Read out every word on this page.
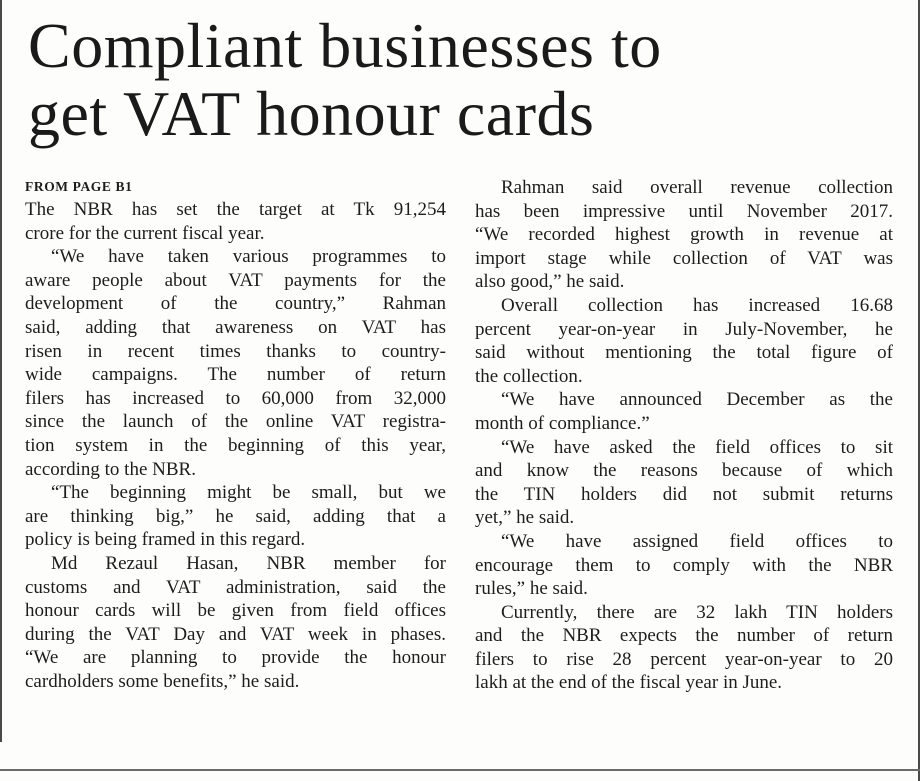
Compliant businesses to
get VAT honour cards
FROM PAGE B1
The NBR has set the target at Tk 91,254
crore for the current fiscal year.
“We have taken various programmes to
aware people about VAT payments for the
development of the country,” Rahman
said, adding that awareness on VAT has
risen in recent times thanks to country-
wide campaigns. The number of return
filers has increased to 60,000 from 32,000
since the launch of the online VAT registra-
tion system in the beginning of this year,
according to the NBR.
“The beginning might be small, but we
are thinking big,” he said, adding that a
policy is being framed in this regard.
Md Rezaul Hasan, NBR member for
customs and VAT administration, said the
honour cards will be given from field offices
during the VAT Day and VAT week in phases.
“We are planning to provide the honour
cardholders some benefits,” he said.
Rahman said overall revenue collection
has been impressive until November 2017.
“We recorded highest growth in revenue at
import stage while collection of VAT was
also good,” he said.
Overall collection has increased 16.68
percent year-on-year in July-November, he
said without mentioning the total figure of
the collection.
“We have announced December as the
month of compliance.”
“We have asked the field offices to sit
and know the reasons because of which
the TIN holders did not submit returns
yet,” he said.
“We have assigned field offices to
encourage them to comply with the NBR
rules,” he said.
Currently, there are 32 lakh TIN holders
and the NBR expects the number of return
filers to rise 28 percent year-on-year to 20
lakh at the end of the fiscal year in June.
